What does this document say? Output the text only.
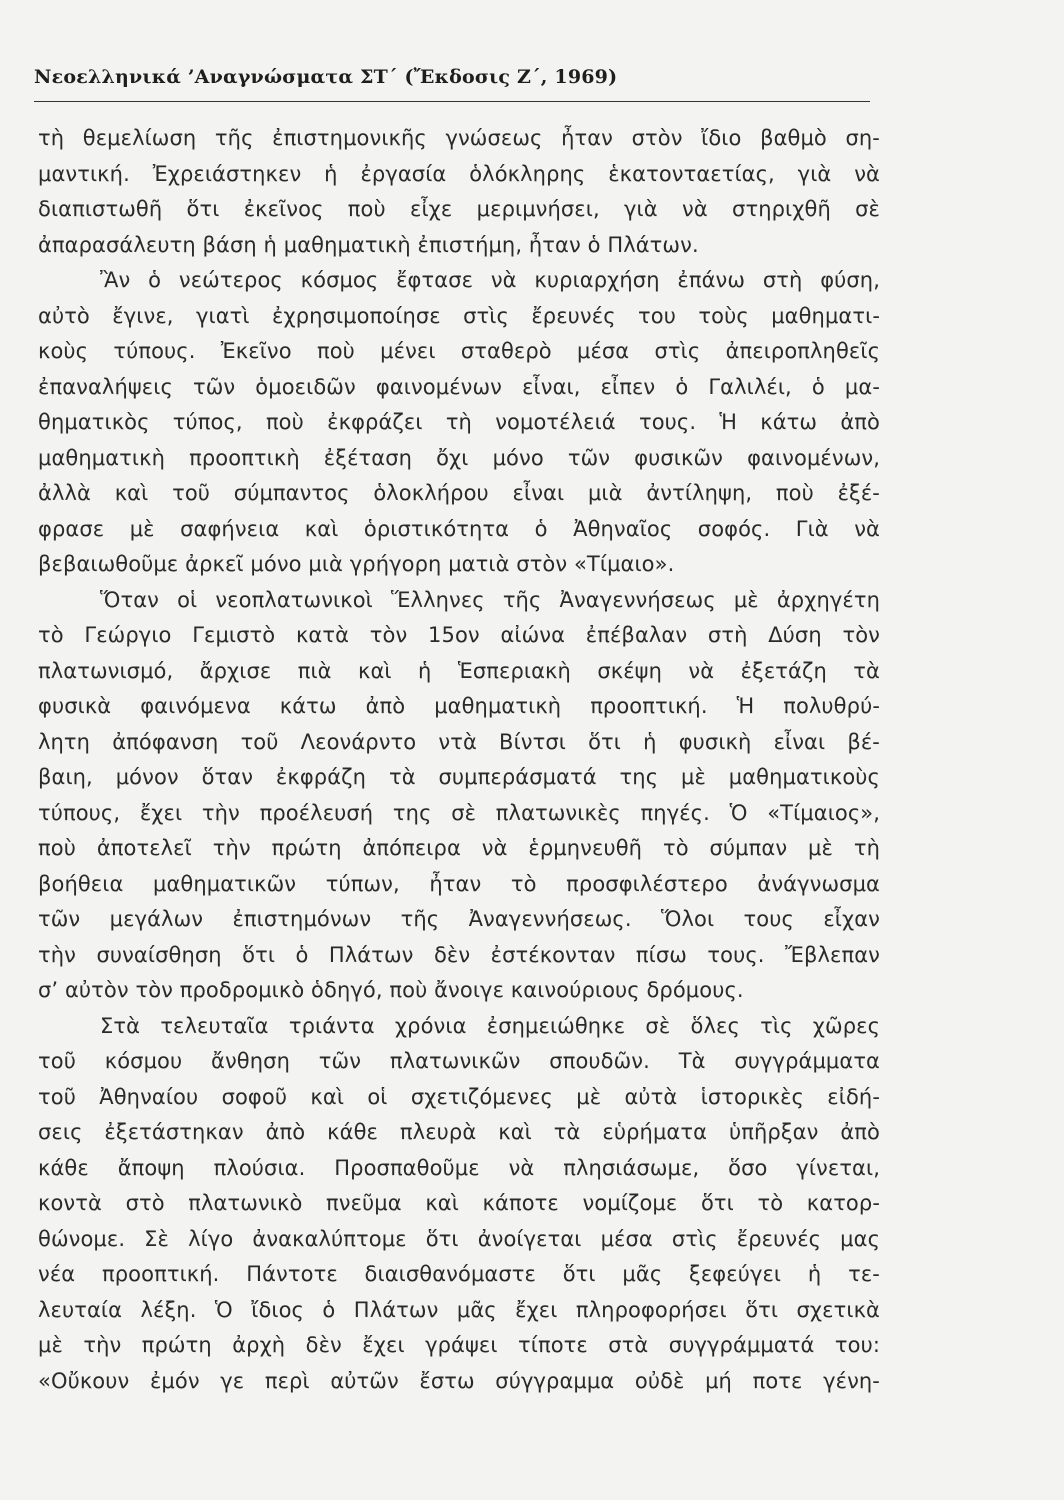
Νεοελληνικά ’Αναγνώσματα ΣΤ΄ (Ἔκδοσις Ζ΄, 1969)
τὴ θεμελίωση τῆς ἐπιστημονικῆς γνώσεως ἦταν στὸν ἴδιο βαθμὸ ση-
μαντική. Ἐχρειάστηκεν ἡ ἐργασία ὁλόκληρης ἑκατονταετίας, γιὰ νὰ
διαπιστωθῆ ὅτι ἐκεῖνος ποὺ εἶχε μεριμνήσει, γιὰ νὰ στηριχθῆ σὲ
ἀπαρασάλευτη βάση ἡ μαθηματικὴ ἐπιστήμη, ἦταν ὁ Πλάτων.
Ἂν ὁ νεώτερος κόσμος ἔφτασε νὰ κυριαρχήση ἐπάνω στὴ φύση,
αὐτὸ ἔγινε, γιατὶ ἐχρησιμοποίησε στὶς ἔρευνές του τοὺς μαθηματι-
κοὺς τύπους. Ἐκεῖνο ποὺ μένει σταθερὸ μέσα στὶς ἀπειροπληθεῖς
ἐπαναλήψεις τῶν ὁμοειδῶν φαινομένων εἶναι, εἶπεν ὁ Γαλιλέι, ὁ μα-
θηματικὸς τύπος, ποὺ ἐκφράζει τὴ νομοτέλειά τους. Ἡ κάτω ἀπὸ
μαθηματικὴ προοπτικὴ ἐξέταση ὄχι μόνο τῶν φυσικῶν φαινομένων,
ἀλλὰ καὶ τοῦ σύμπαντος ὁλοκλήρου εἶναι μιὰ ἀντίληψη, ποὺ ἐξέ-
φρασε μὲ σαφήνεια καὶ ὁριστικότητα ὁ Ἀθηναῖος σοφός. Γιὰ νὰ
βεβαιωθοῦμε ἀρκεῖ μόνο μιὰ γρήγορη ματιὰ στὸν «Τίμαιο».
Ὅταν οἱ νεοπλατωνικοὶ Ἕλληνες τῆς Ἀναγεννήσεως μὲ ἀρχηγέτη
τὸ Γεώργιο Γεμιστὸ κατὰ τὸν 15ον αἰώνα ἐπέβαλαν στὴ Δύση τὸν
πλατωνισμό, ἄρχισε πιὰ καὶ ἡ Ἑσπεριακὴ σκέψη νὰ ἐξετάζη τὰ
φυσικὰ φαινόμενα κάτω ἀπὸ μαθηματικὴ προοπτική. Ἡ πολυθρύ-
λητη ἀπόφανση τοῦ Λεονάρντο ντὰ Βίντσι ὅτι ἡ φυσικὴ εἶναι βέ-
βαιη, μόνον ὅταν ἐκφράζη τὰ συμπεράσματά της μὲ μαθηματικοὺς
τύπους, ἔχει τὴν προέλευσή της σὲ πλατωνικὲς πηγές. Ὁ «Τίμαιος»,
ποὺ ἀποτελεῖ τὴν πρώτη ἀπόπειρα νὰ ἑρμηνευθῆ τὸ σύμπαν μὲ τὴ
βοήθεια μαθηματικῶν τύπων, ἦταν τὸ προσφιλέστερο ἀνάγνωσμα
τῶν μεγάλων ἐπιστημόνων τῆς Ἀναγεννήσεως. Ὅλοι τους εἶχαν
τὴν συναίσθηση ὅτι ὁ Πλάτων δὲν ἐστέκονταν πίσω τους. Ἔβλεπαν
σ’ αὐτὸν τὸν προδρομικὸ ὁδηγό, ποὺ ἄνοιγε καινούριους δρόμους.
Στὰ τελευταῖα τριάντα χρόνια ἐσημειώθηκε σὲ ὅλες τὶς χῶρες
τοῦ κόσμου ἄνθηση τῶν πλατωνικῶν σπουδῶν. Τὰ συγγράμματα
τοῦ Ἀθηναίου σοφοῦ καὶ οἱ σχετιζόμενες μὲ αὐτὰ ἱστορικὲς εἰδή-
σεις ἐξετάστηκαν ἀπὸ κάθε πλευρὰ καὶ τὰ εὑρήματα ὑπῆρξαν ἀπὸ
κάθε ἄποψη πλούσια. Προσπαθοῦμε νὰ πλησιάσωμε, ὅσο γίνεται,
κοντὰ στὸ πλατωνικὸ πνεῦμα καὶ κάποτε νομίζομε ὅτι τὸ κατορ-
θώνομε. Σὲ λίγο ἀνακαλύπτομε ὅτι ἀνοίγεται μέσα στὶς ἔρευνές μας
νέα προοπτική. Πάντοτε διαισθανόμαστε ὅτι μᾶς ξεφεύγει ἡ τε-
λευταία λέξη. Ὁ ἴδιος ὁ Πλάτων μᾶς ἔχει πληροφορήσει ὅτι σχετικὰ
μὲ τὴν πρώτη ἀρχὴ δὲν ἔχει γράψει τίποτε στὰ συγγράμματά του:
«Οὔκουν ἐμόν γε περὶ αὐτῶν ἔστω σύγγραμμα οὐδὲ μή ποτε γένη-
